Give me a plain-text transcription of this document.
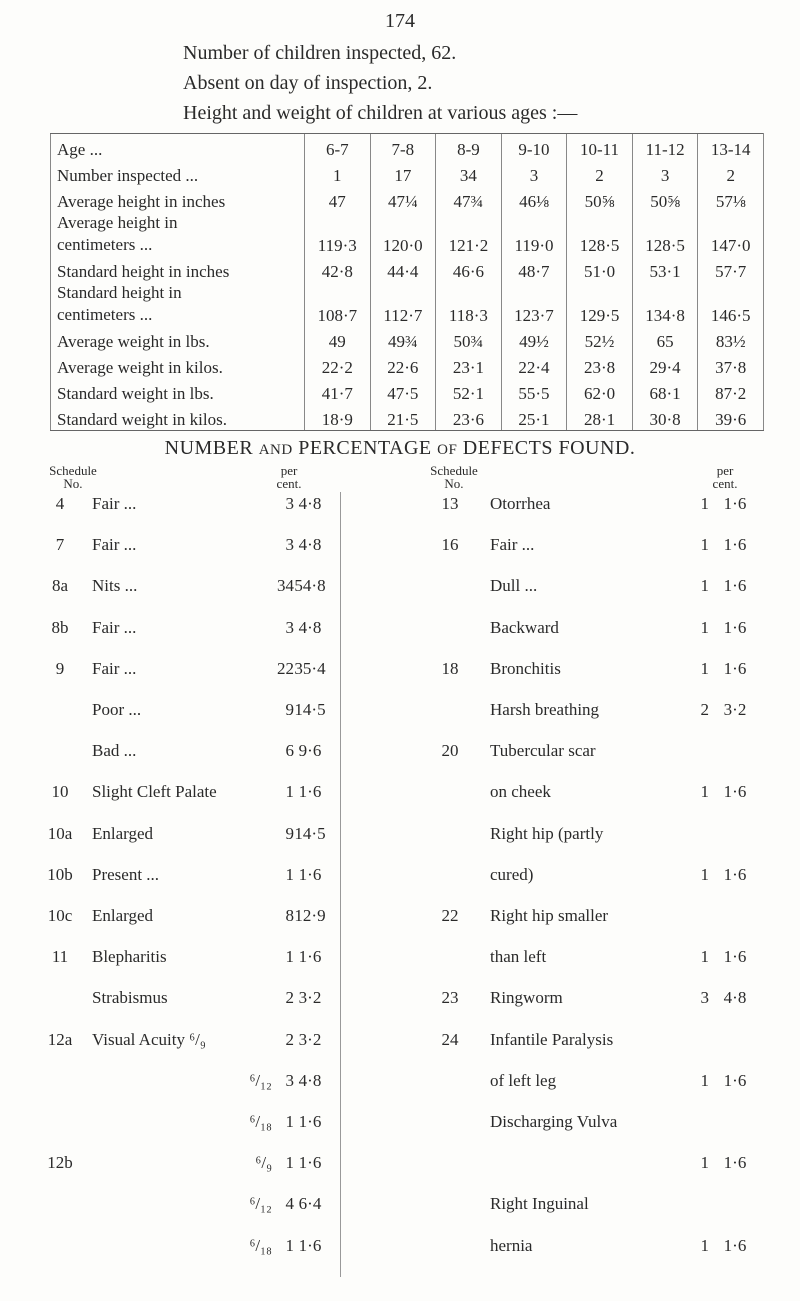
174
Number of children inspected, 62.
Absent on day of inspection, 2.
Height and weight of children at various ages :—
Age ...	6-7	7-8	8-9	9-10	10-11	11-12	13-14
Number inspected ...	1	17	34	3	2	3	2
Average height in inches	47	47¼	47¾	46⅛	50⅝	50⅝	57⅛

Average height in
centimeters ...	119·3	120·0	121·2	119·0	128·5	128·5	147·0
Standard height in inches	42·8	44·4	46·6	48·7	51·0	53·1	57·7

Standard height in
centimeters ...	108·7	112·7	118·3	123·7	129·5	134·8	146·5
Average weight in lbs.	49	49¾	50¾	49½	52½	65	83½
Average weight in kilos.	22·2	22·6	23·1	22·4	23·8	29·4	37·8
Standard weight in lbs.	41·7	47·5	52·1	55·5	62·0	68·1	87·2
Standard weight in kilos.	18·9	21·5	23·6	25·1	28·1	30·8	39·6
NUMBER AND PERCENTAGE OF DEFECTS FOUND.
Schedule
No.
per
cent.
Schedule
No.
per
cent.
4	Fair ...	3 4·8
7	Fair ...	3 4·8
8a	Nits ...	34 54·8
8b	Fair ...	3 4·8
9	Fair ...	22 35·4
Poor ...	9 14·5
Bad ...	6 9·6
10	Slight Cleft Palate	1 1·6
10a	Enlarged	9 14·5
10b	Present ...	1 1·6
10c	Enlarged	8 12·9
11	Blepharitis	1 1·6
Strabismus	2 3·2
12a	Visual Acuity ⁶/₉	2 3·2
⁶/₁₂ 3 4·8
⁶/₁₈ 1 1·6
12b	⁶/₉ 1 1·6
⁶/₁₂ 4 6·4
⁶/₁₈ 1 1·6
13	Otorrhea	1 1·6
16	Fair ...	1 1·6
Dull ...	1 1·6
Backward	1 1·6
18	Bronchitis	1 1·6
Harsh breathing	2 3·2
20	Tubercular scar
on cheek	1 1·6
Right hip (partly
cured)	1 1·6
22	Right hip smaller
than left	1 1·6
23	Ringworm	3 4·8
24	Infantile Paralysis
of left leg	1 1·6
Discharging Vulva
1 1·6
Right Inguinal
hernia	1 1·6
